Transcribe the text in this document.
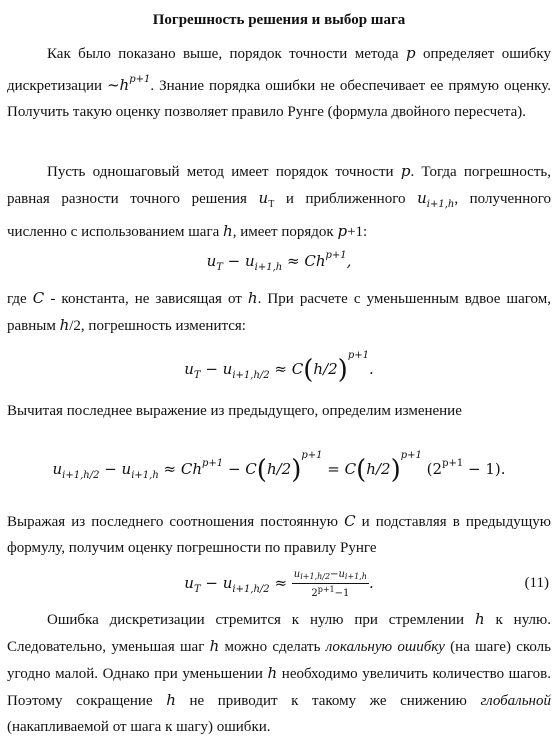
Погрешность решения и выбор шага
Как было показано выше, порядок точности метода p определяет ошибку дискретизации $\sim h^{p+1}$. Знание порядка ошибки не обеспечивает ее прямую оценку. Получить такую оценку позволяет правило Рунге (формула двойного пересчета).
Пусть одношаговый метод имеет порядок точности p. Тогда погрешность, равная разности точного решения $u_T$ и приближенного $u_{i+1,h}$, полученного численно с использованием шага h, имеет порядок p+1:
$u_T - u_{i+1,h} \approx Ch^{p+1}$,
где C - константа, не зависящая от h. При расчете с уменьшенным вдвое шагом, равным h/2, погрешность изменится:
$u_T - u_{i+1,h/2} \approx C(h/2)^{p+1}$.
Вычитая последнее выражение из предыдущего, определим изменение
$u_{i+1,h/2} - u_{i+1,h} \approx Ch^{p+1} - C(h/2)^{p+1} = C(h/2)^{p+1}$ $(2^{p+1} - 1)$.
Выражая из последнего соотношения постоянную C и подставляя в предыдущую формулу, получим оценку погрешности по правилу Рунге
$u_T - u_{i+1,h/2} \approx \frac{u_{i+1,h/2}-u_{i+1,h}}{2^{p+1}-1}$ .	(11)
Ошибка дискретизации стремится к нулю при стремлении h к нулю. Следовательно, уменьшая шаг h можно сделать локальную ошибку (на шаге) сколь угодно малой. Однако при уменьшении h необходимо увеличить количество шагов. Поэтому сокращение h не приводит к такому же снижению глобальной (накапливаемой от шага к шагу) ошибки.
